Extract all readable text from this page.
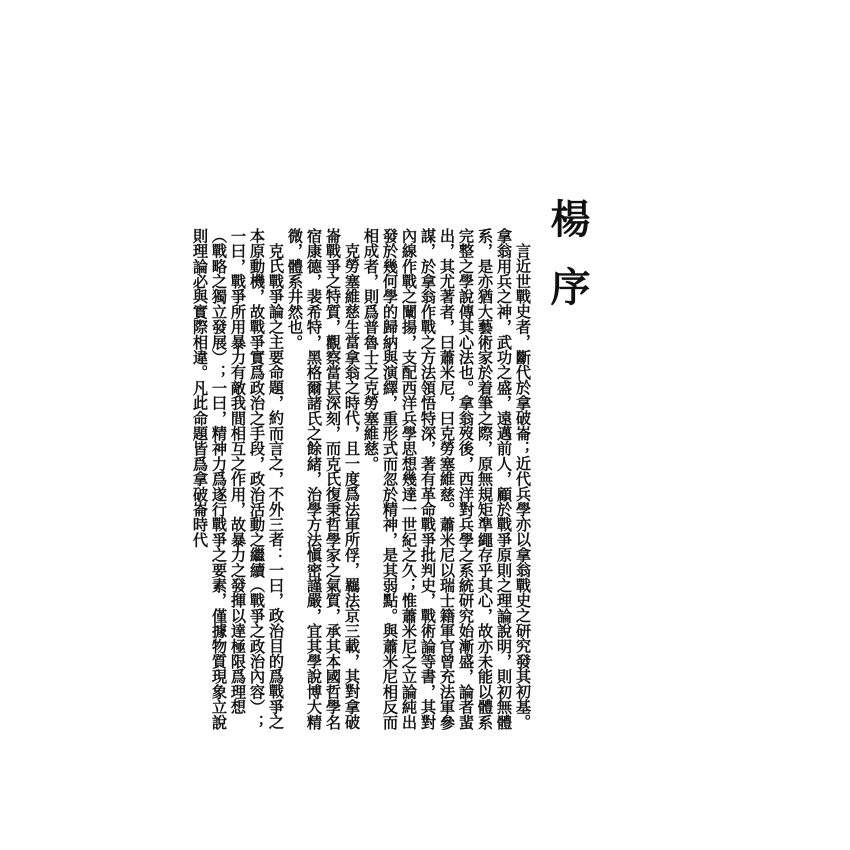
楊序

言近世戰史者，斷代於拿破崙；近代兵學亦以拿翁戰史之研究發其初基。拿翁用兵之神，武功之盛，遠邁前人，顧於戰爭原則之理論說明，則初無體系，是亦猶大藝術家於着筆之際，原無規矩準繩存乎其心，故亦未能以體系完整之學說傳其心法也。拿翁歿後，西洋對兵學之系統研究始漸盛，論者蜚出，其尤著者，曰蕭米尼，曰克勞塞維慈。蕭米尼以瑞士籍軍官曾充法軍參謀，於拿翁作戰之方法領悟特深，著有革命戰爭批判史，戰術論等書，其對內線作戰之闡揚，支配西洋兵學思想幾達一世紀之久；惟蕭米尼之立論純出發於幾何學的歸納與演繹，重形式而忽於精神，是其弱點。與蕭米尼相反而相成者，則爲普魯士之克勞塞維慈。

克勞塞維慈生當拿翁之時代，且一度爲法軍所俘，羈法京三載，其對拿破崙戰爭之特質，觀察當甚深刻，而克氏復秉哲學家之氣質，承其本國哲學名宿康德，裴希特，黑格爾諸氏之餘緒，治學方法愼密謹嚴，宜其學說博大精微，體系井然也。

克氏戰爭論之主要命題，約而言之，不外三者：一曰，政治目的爲戰爭之本原動機，故戰爭實爲政治之手段，政治活動之繼續（戰爭之政治內容）；一曰，戰爭所用暴力有敵我間相互之作用，故暴力之發揮以達極限爲理想（戰略之獨立發展）；一曰，精神力爲遂行戰爭之要素，僅據物質現象立說則理論必與實際相違。凡此命題皆爲拿破崙時代
